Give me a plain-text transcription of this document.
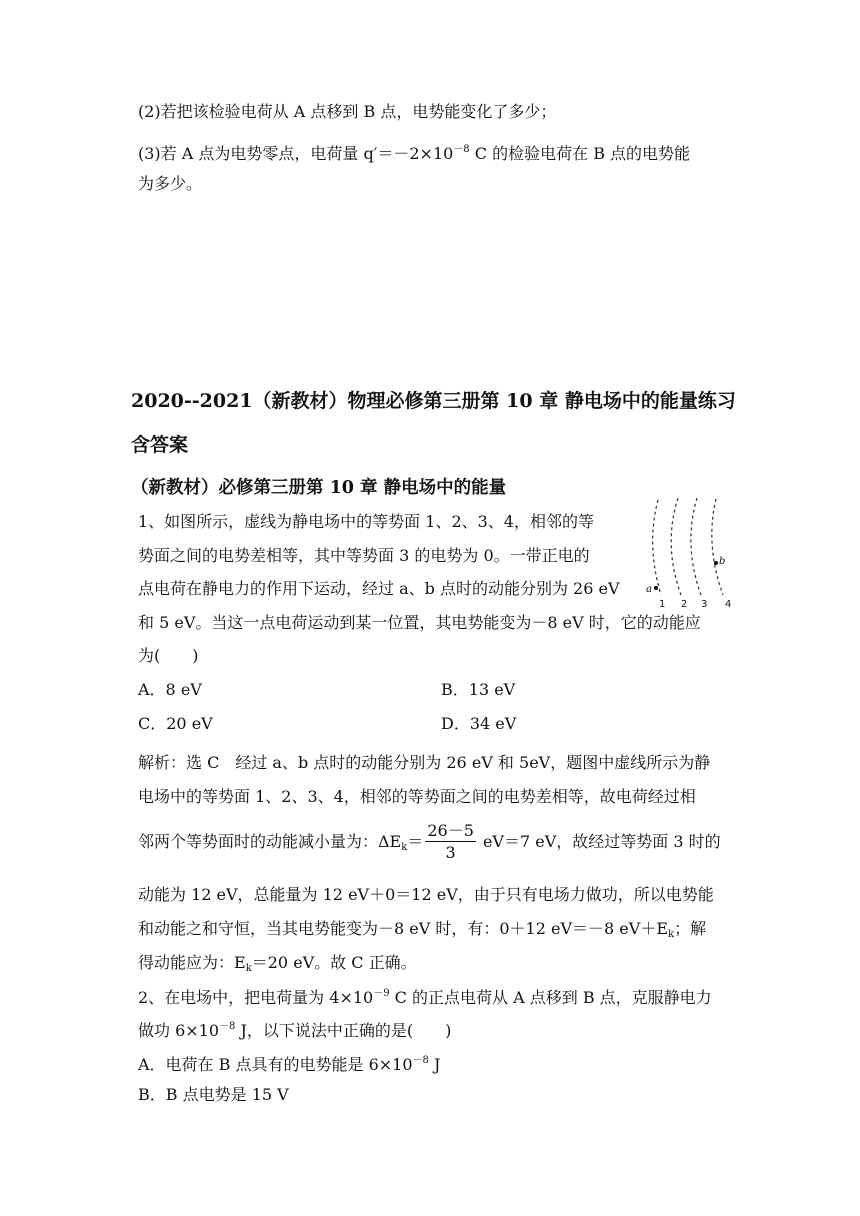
(2)若把该检验电荷从 A 点移到 B 点，电势能变化了多少；
(3)若 A 点为电势零点，电荷量 $q'=-2\times 10^{-8}$ C 的检验电荷在 B 点的电势能
为多少。
2020--2021（新教材）物理必修第三册第 10 章 静电场中的能量练习
含答案
（新教材）必修第三册第 10 章 静电场中的能量
1、如图所示，虚线为静电场中的等势面 1、2、3、4，相邻的等
势面之间的电势差相等，其中等势面 3 的电势为 0。一带正电的
点电荷在静电力的作用下运动，经过 a、b 点时的动能分别为 26 eV
和 5 eV。当这一点电荷运动到某一位置，其电势能变为－8 eV 时，它的动能应
为(　　)
A．8 eV	B．13 eV
C．20 eV	D．34 eV
解析：选 C　经过 a、b 点时的动能分别为 26 eV 和 5eV，题图中虚线所示为静
电场中的等势面 1、2、3、4，相邻的等势面之间的电势差相等，故电荷经过相
邻两个等势面时的动能减小量为：$\Delta E_k= \frac{26-5}{3} eV=7$ eV，故经过等势面 3 时的
动能为 12 eV，总能量为 12 eV＋0＝12 eV，由于只有电场力做功，所以电势能
和动能之和守恒，当其电势能变为－8 eV 时，有：0＋12 eV＝－8 $eV+E_k$；解
得动能应为：$E_k=20$ eV。故 C 正确。
2、在电场中，把电荷量为 $4\times 10^{-9}$ C 的正点电荷从 A 点移到 B 点，克服静电力
做功 $6\times 10^{-8}$ J，以下说法中正确的是(　　)
A．电荷在 B 点具有的电势能是 $6\times 10^{-8}$ J
B．B 点电势是 15 V
a
b
1 2 3 4
